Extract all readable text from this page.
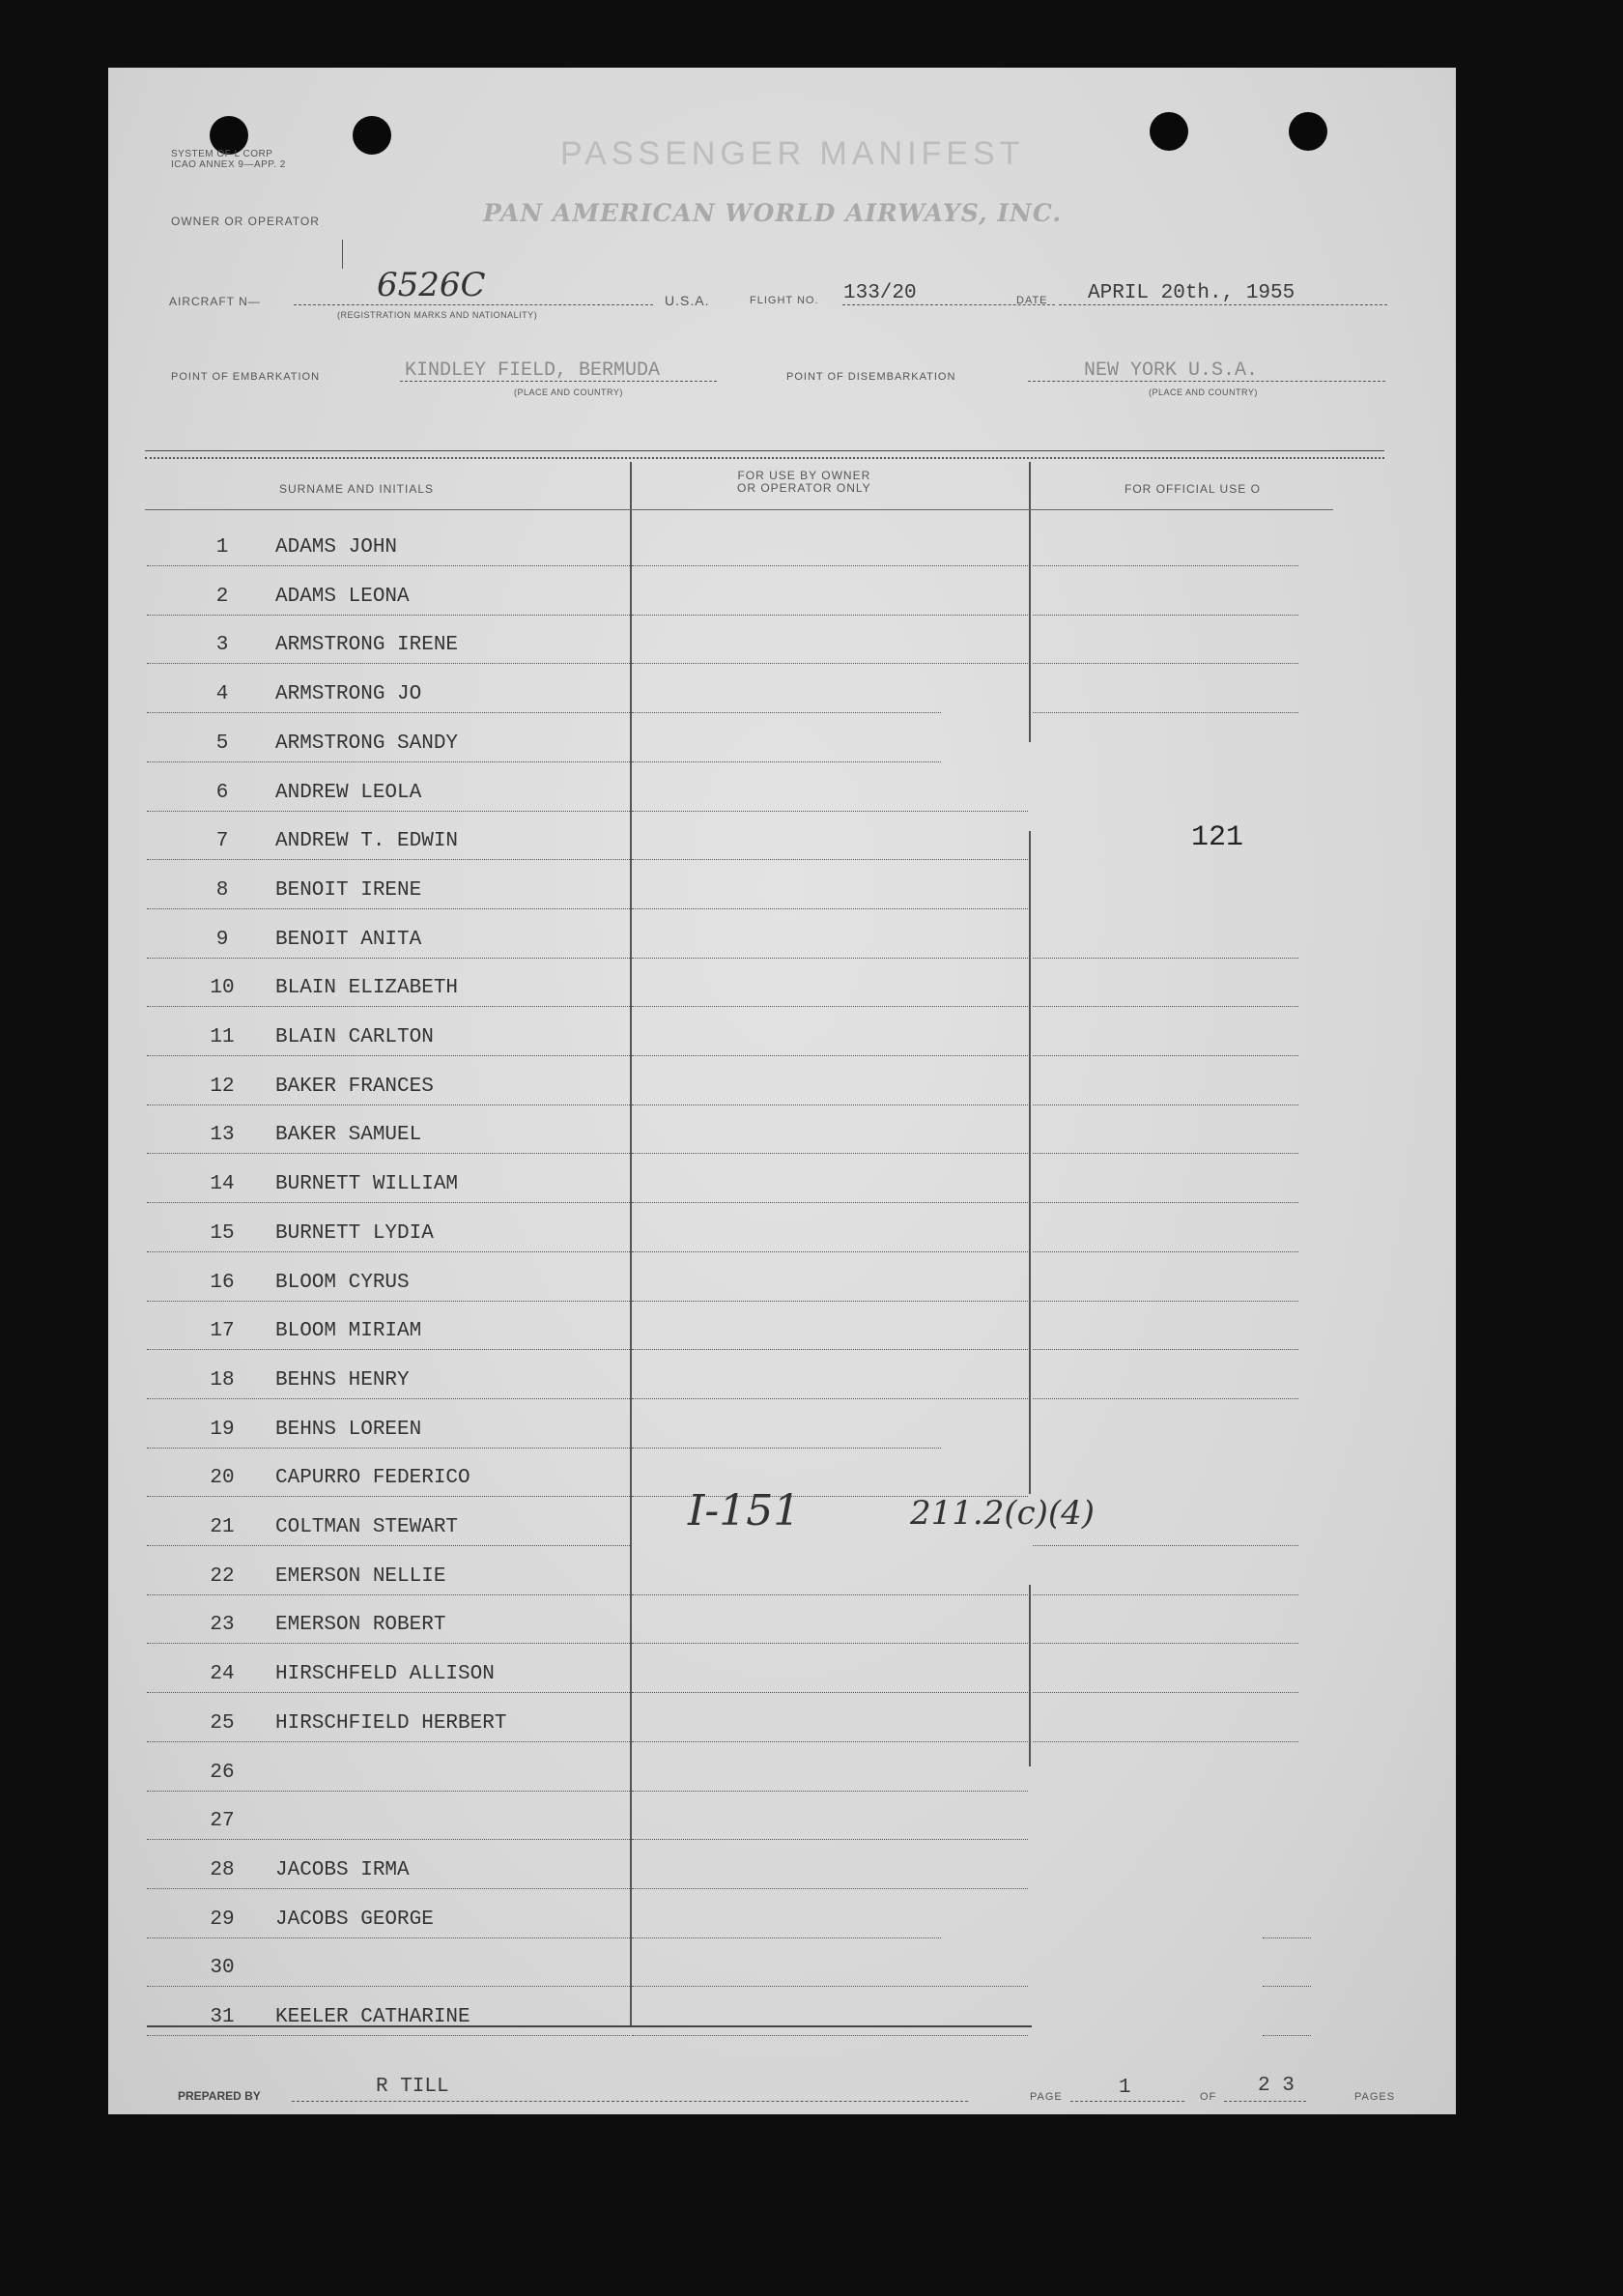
SYSTEM OF L CORP
ICAO ANNEX 9—APP. 2	PASSENGER MANIFEST
OWNER OR OPERATOR	PAN AMERICAN WORLD AIRWAYS, INC.
AIRCRAFT N—	6526C
(REGISTRATION MARKS AND NATIONALITY)
U.S.A.	FLIGHT NO. 133/20	DATE APRIL 20th., 1955
POINT OF EMBARKATION	KINDLEY FIELD, BERMUDA
(PLACE AND COUNTRY)
POINT OF DISEMBARKATION	NEW YORK U.S.A.
(PLACE AND COUNTRY)
SURNAME AND INITIALS
FOR USE BY OWNER
OR OPERATOR ONLY	FOR OFFICIAL USE O
1	ADAMS JOHN
2	ADAMS LEONA
3	ARMSTRONG IRENE
4	ARMSTRONG JO
5	ARMSTRONG SANDY
6	ANDREW LEOLA
7	ANDREW T. EDWIN
8	BENOIT IRENE
9	BENOIT ANITA
10	BLAIN ELIZABETH
11	BLAIN CARLTON
12	BAKER FRANCES
13	BAKER SAMUEL
14	BURNETT WILLIAM
15	BURNETT LYDIA
16	BLOOM CYRUS
17	BLOOM MIRIAM
18	BEHNS HENRY
19	BEHNS LOREEN
20	CAPURRO FEDERICO
21	COLTMAN STEWART
22	EMERSON NELLIE
23	EMERSON ROBERT
24	HIRSCHFELD ALLISON
25	HIRSCHFIELD HERBERT
26
27
28	JACOBS IRMA
29	JACOBS GEORGE
30
31	KEELER CATHARINE
121
I-151	211.2(c)(4)
PREPARED BY	R TILL	PAGE	1	OF 2 3	PAGES
